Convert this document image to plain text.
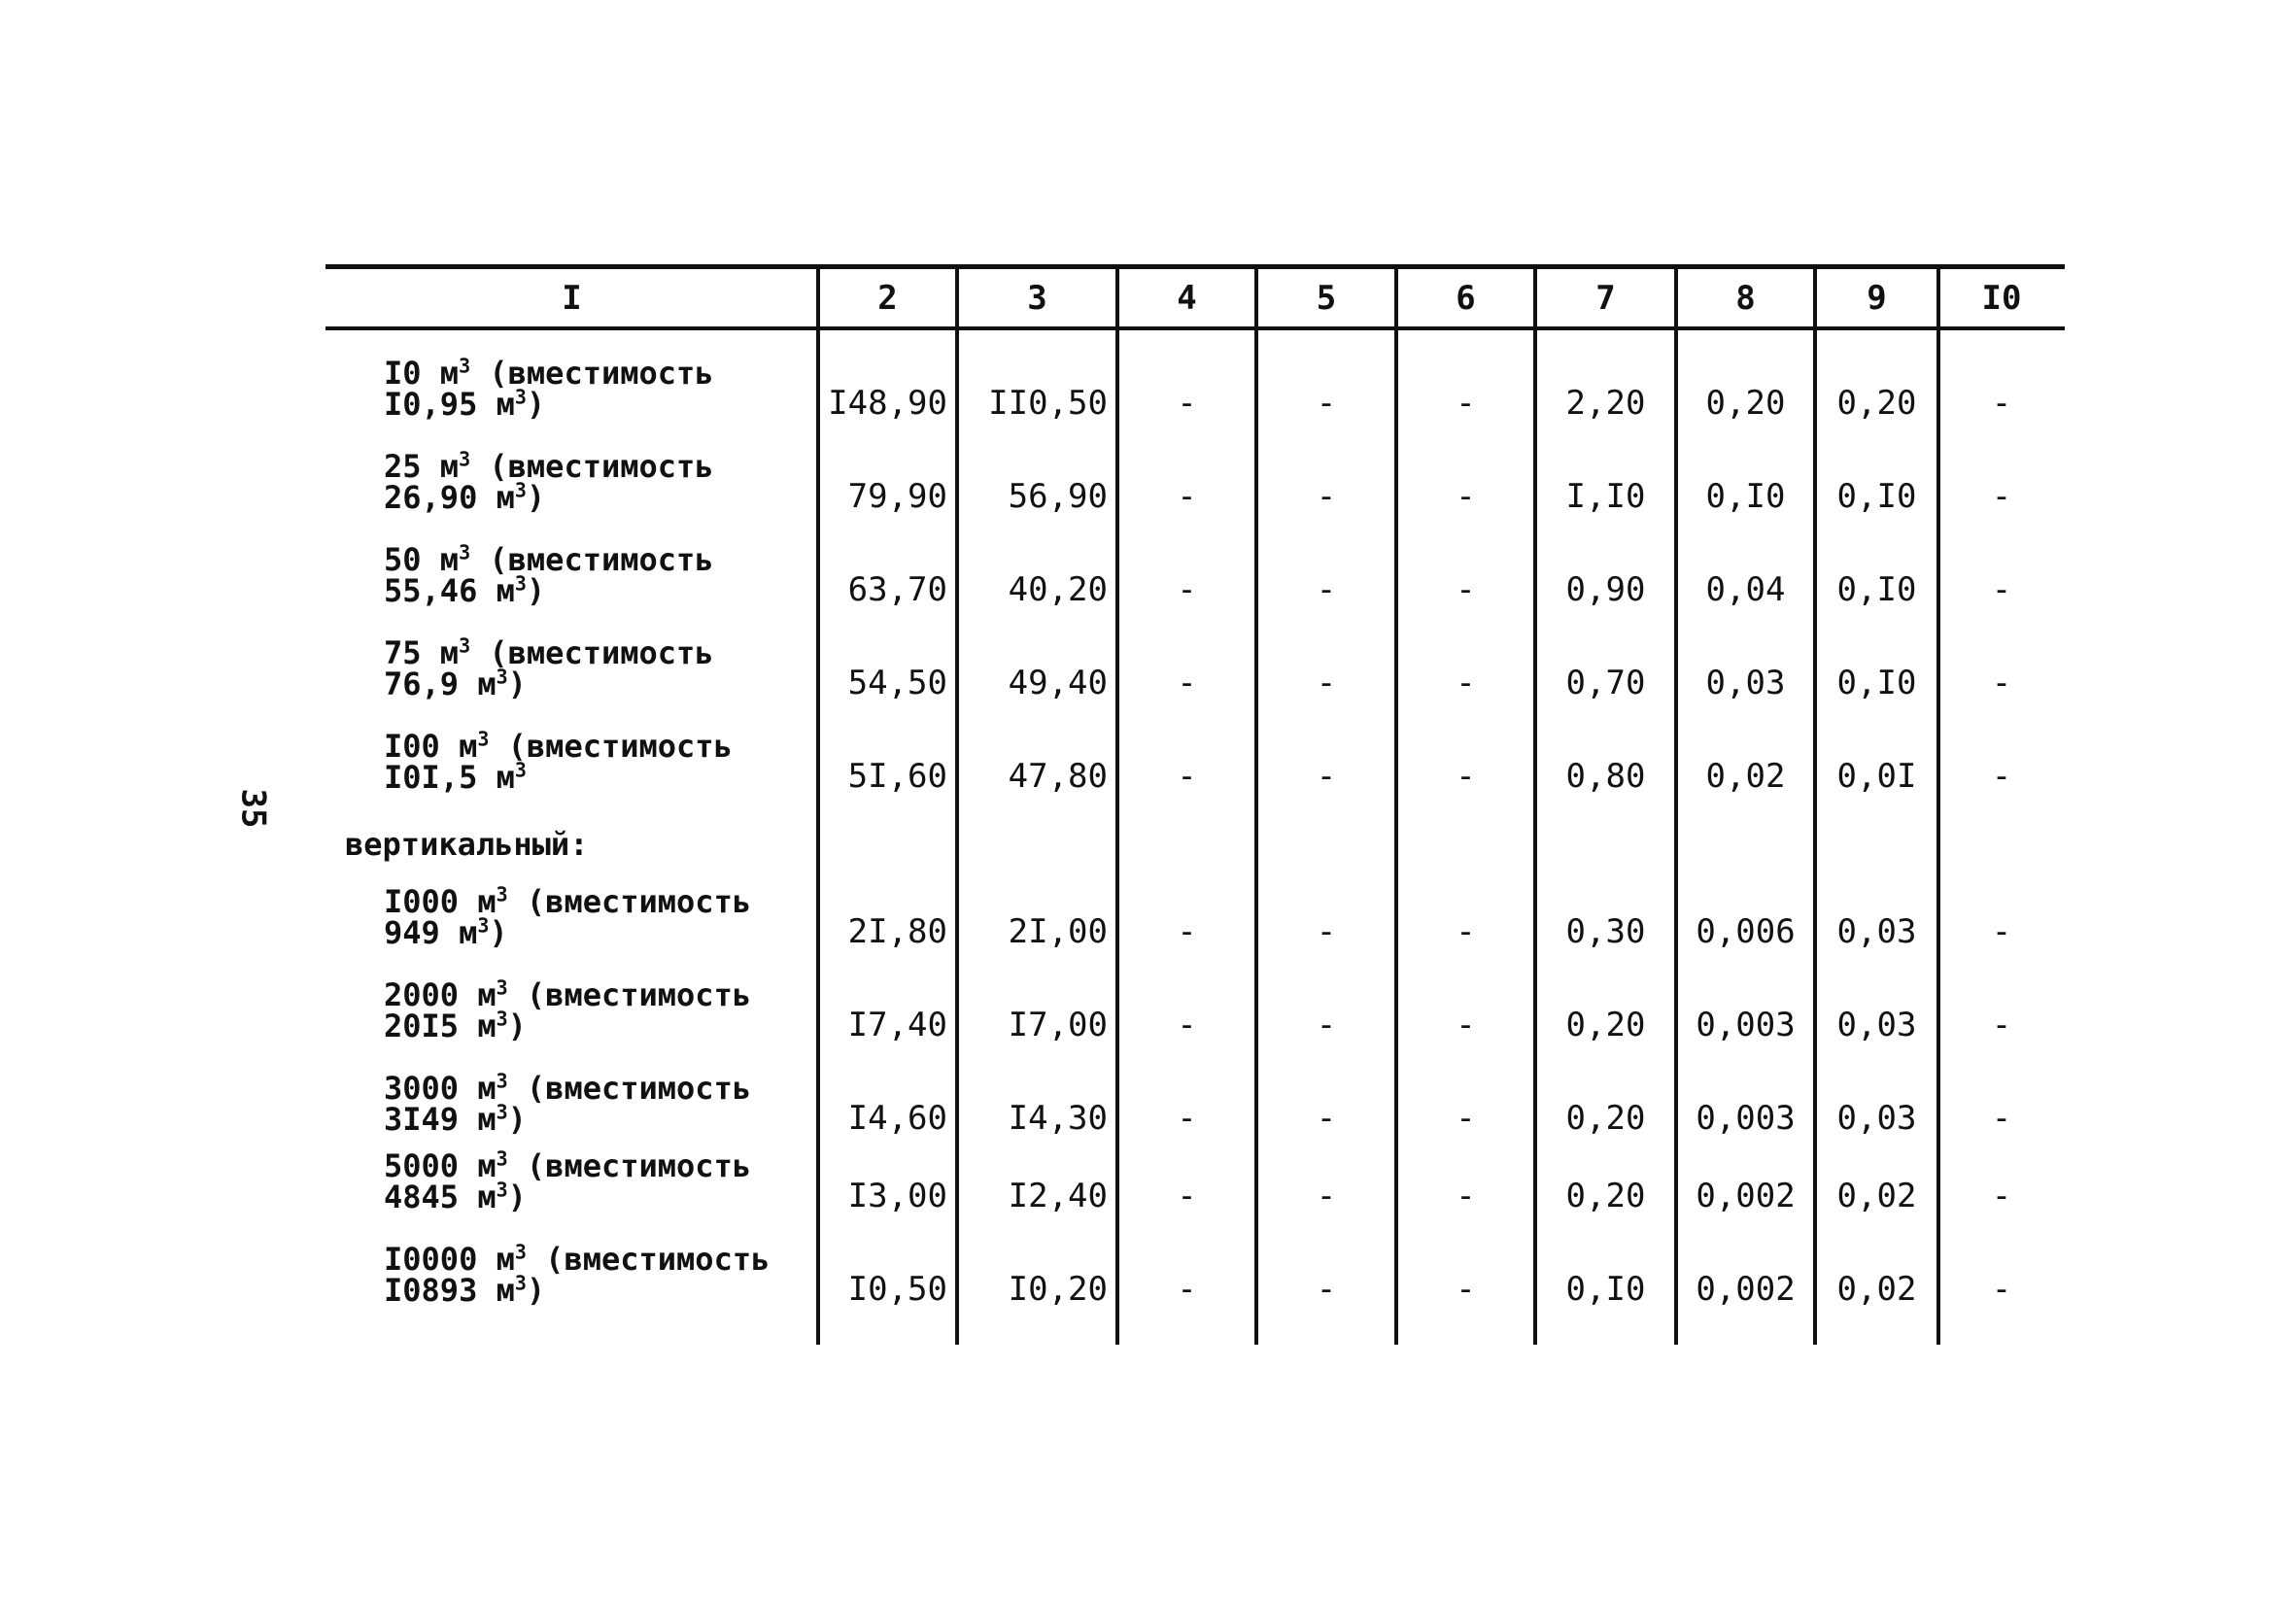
35
I	2	3	4	5	6	7	8	9	I0
I0 $м^3$ (вместимость
I0,95 $м^3$)	I48,90	II0,50	-	-	-	2,20	0,20	0,20	-
25 $м^3$ (вместимость
26,90 $м^3$)	79,90	56,90	-	-	-	I,I0	0,I0	0,I0	-
50 $м^3$ (вместимость
55,46 $м^3$)	63,70	40,20	-	-	-	0,90	0,04	0,I0	-
75 $м^3$ (вместимость
76,9 $м^3$)	54,50	49,40	-	-	-	0,70	0,03	0,I0	-
I00 $м^3$ (вместимость
I0I,5 $м^3$	5I,60	47,80	-	-	-	0,80	0,02	0,0I	-
вертикальный:
I000 $м^3$ (вместимость
949 $м^3$)	2I,80	2I,00	-	-	-	0,30	0,006	0,03	-
2000 $м^3$ (вместимость
20I5 $м^3$)	I7,40	I7,00	-	-	-	0,20	0,003	0,03	-
3000 $м^3$ (вместимость
3I49 $м^3$)	I4,60	I4,30	-	-	-	0,20	0,003	0,03	-
5000 $м^3$ (вместимость
4845 $м^3$)	I3,00	I2,40	-	-	-	0,20	0,002	0,02	-
I0000 $м^3$ (вместимость
I0893 $м^3$)	I0,50	I0,20	-	-	-	0,I0	0,002	0,02	-
